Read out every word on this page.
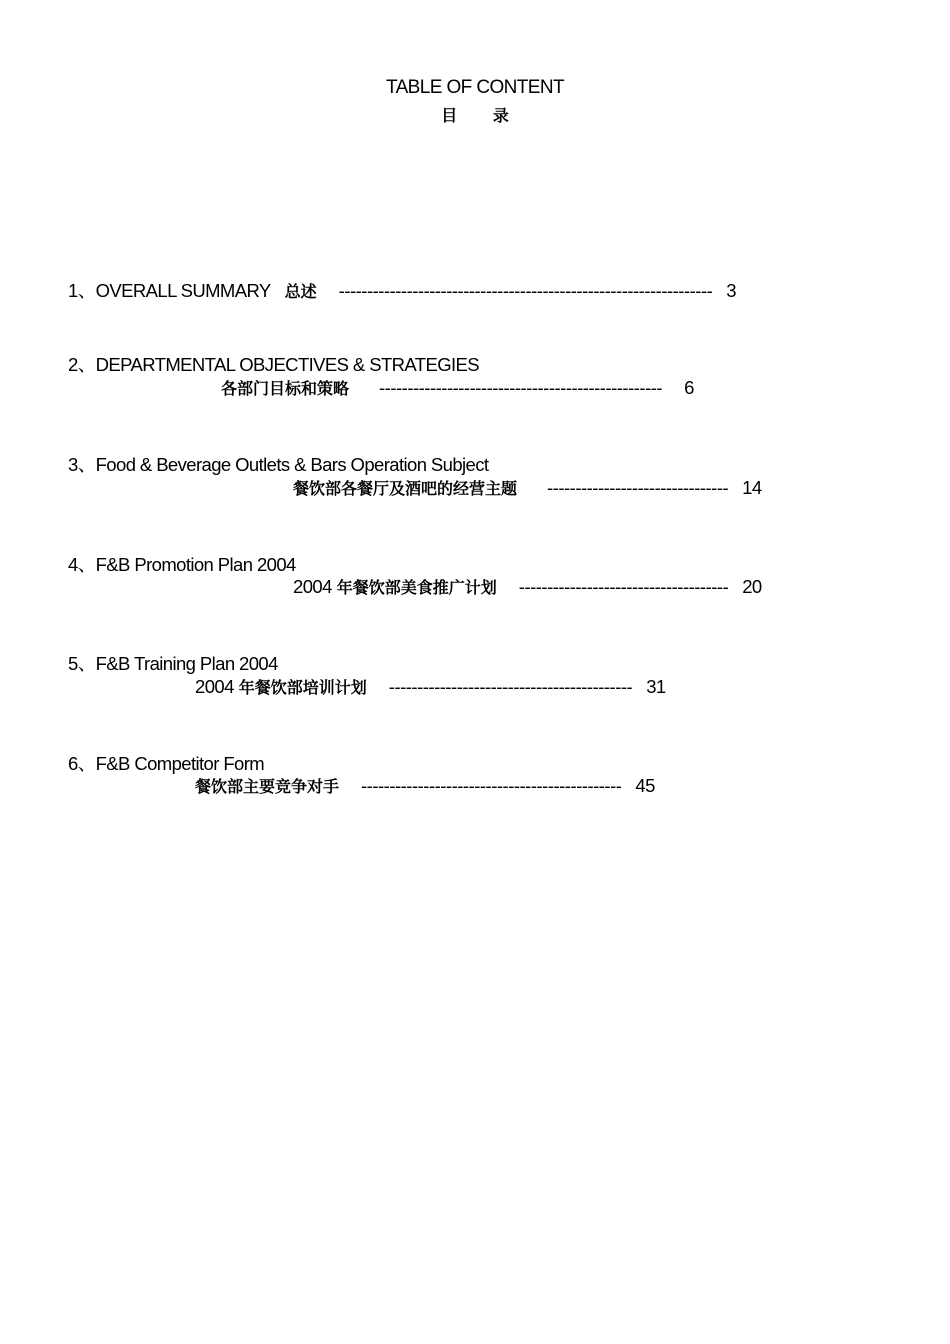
TABLE OF CONTENT
目 录
1、OVERALL SUMMARY 总述 ------------------------------------------------------------------ 3
2、DEPARTMENTAL OBJECTIVES & STRATEGIES
各部门目标和策略 -------------------------------------------------- 6
3、Food & Beverage Outlets & Bars Operation Subject
餐饮部各餐厅及酒吧的经营主题 -------------------------------- 14
4、F&B Promotion Plan 2004
2004 年餐饮部美食推广计划 ------------------------------------- 20
5、F&B Training Plan 2004
2004 年餐饮部培训计划 ------------------------------------------- 31
6、F&B Competitor Form
餐饮部主要竞争对手 ---------------------------------------------- 45
